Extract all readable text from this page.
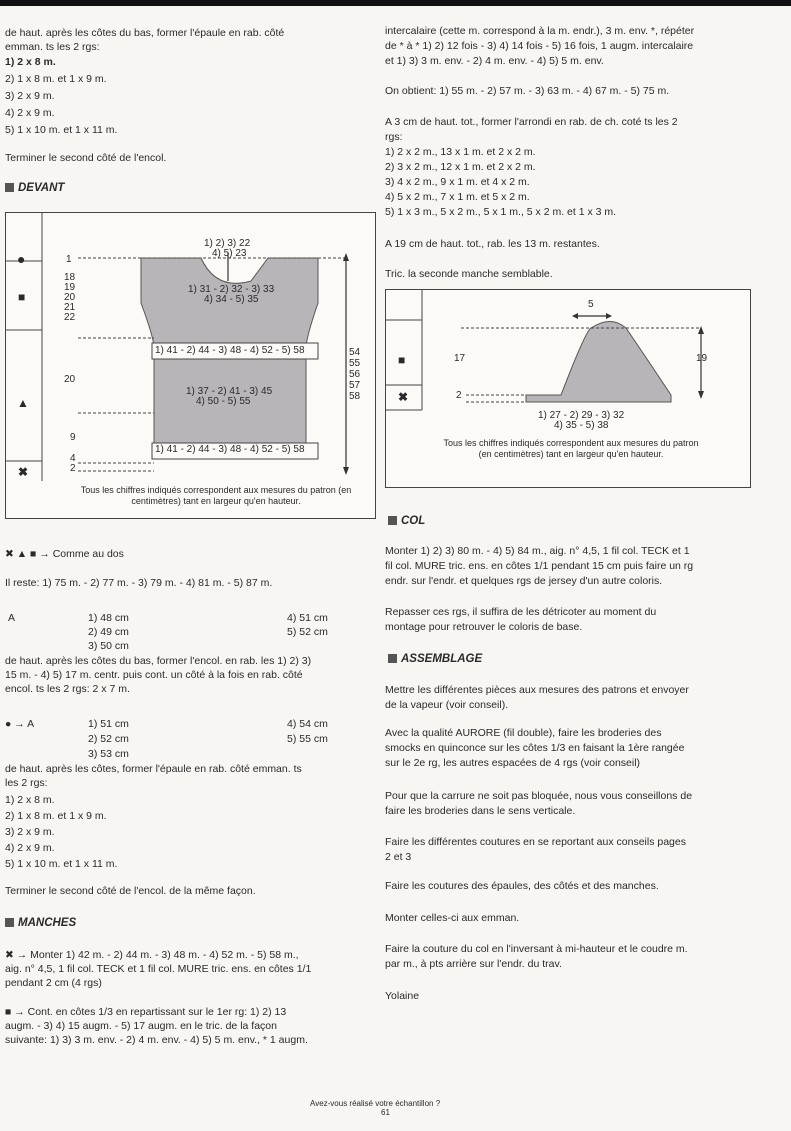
de haut. après les côtes du bas, former l'épaule en rab. côté
emman. ts les 2 rgs:
1) 2 x 8 m.
2) 1 x 8 m. et 1 x 9 m.
3) 2 x 9 m.
4) 2 x 9 m.
5) 1 x 10 m. et 1 x 11 m.
Terminer le second côté de l'encol.
DEVANT
1) 2) 3) 22
4) 5) 23
1) 31 - 2) 32 - 3) 33
4) 34 - 5) 35
1) 41 - 2) 44 - 3) 48 - 4) 52 - 5) 58
1) 37 - 2) 41 - 3) 45
4) 50 - 5) 55
1) 41 - 2) 44 - 3) 48 - 4) 52 - 5) 58
1
18
19
20
21
22
20
9
4
2
54
55
56
57
58
●
■
▲
✖
Tous les chiffres indiqués correspondent aux mesures du patron (en centimètres) tant en largeur qu'en hauteur.
✖ ▲ ■ → Comme au dos
Il reste: 1) 75 m. - 2) 77 m. - 3) 79 m. - 4) 81 m. - 5) 87 m.
A	1) 48 cm
2) 49 cm
3) 50 cm
4) 51 cm
5) 52 cm
de haut. après les côtes du bas, former l'encol. en rab. les 1) 2) 3)
15 m. - 4) 5) 17 m. centr. puis cont. un côté à la fois en rab. côté
encol. ts les 2 rgs: 2 x 7 m.
● → A	1) 51 cm
2) 52 cm
3) 53 cm
4) 54 cm
5) 55 cm
de haut. après les côtes, former l'épaule en rab. côté emman. ts
les 2 rgs:
1) 2 x 8 m.
2) 1 x 8 m. et 1 x 9 m.
3) 2 x 9 m.
4) 2 x 9 m.
5) 1 x 10 m. et 1 x 11 m.
Terminer le second côté de l'encol. de la même façon.
MANCHES
✖ → Monter 1) 42 m. - 2) 44 m. - 3) 48 m. - 4) 52 m. - 5) 58 m.,
aig. n° 4,5, 1 fil col. TECK et 1 fil col. MURE tric. ens. en côtes 1/1
pendant 2 cm (4 rgs)
■ → Cont. en côtes 1/3 en repartissant sur le 1er rg: 1) 2) 13
augm. - 3) 4) 15 augm. - 5) 17 augm. en le tric. de la façon
suivante: 1) 3) 3 m. env. - 2) 4 m. env. - 4) 5) 5 m. env., * 1 augm.
intercalaire (cette m. correspond à la m. endr.), 3 m. env. *, répéter
de * à * 1) 2) 12 fois - 3) 4) 14 fois - 5) 16 fois, 1 augm. intercalaire
et 1) 3) 3 m. env. - 2) 4 m. env. - 4) 5) 5 m. env.
On obtient: 1) 55 m. - 2) 57 m. - 3) 63 m. - 4) 67 m. - 5) 75 m.
A 3 cm de haut. tot., former l'arrondi en rab. de ch. coté ts les 2
rgs:
1) 2 x 2 m., 13 x 1 m. et 2 x 2 m.
2) 3 x 2 m., 12 x 1 m. et 2 x 2 m.
3) 4 x 2 m., 9 x 1 m. et 4 x 2 m.
4) 5 x 2 m., 7 x 1 m. et 5 x 2 m.
5) 1 x 3 m., 5 x 2 m., 5 x 1 m., 5 x 2 m. et 1 x 3 m.
A 19 cm de haut. tot., rab. les 13 m. restantes.
Tric. la seconde manche semblable.
5
17	19
2
■
✖
1) 27 - 2) 29 - 3) 32
4) 35 - 5) 38
Tous les chiffres indiqués correspondent aux mesures du patron (en centimètres) tant en largeur qu'en hauteur.
COL
Monter 1) 2) 3) 80 m. - 4) 5) 84 m., aig. n° 4,5, 1 fil col. TECK et 1
fil col. MURE tric. ens. en côtes 1/1 pendant 15 cm puis faire un rg
endr. sur l'endr. et quelques rgs de jersey d'un autre coloris.
Repasser ces rgs, il suffira de les détricoter au moment du
montage pour retrouver le coloris de base.
ASSEMBLAGE
Mettre les différentes pièces aux mesures des patrons et envoyer
de la vapeur (voir conseil).
Avec la qualité AURORE (fil double), faire les broderies des
smocks en quinconce sur les côtes 1/3 en faisant la 1ère rangée
sur le 2e rg, les autres espacées de 4 rgs (voir conseil)
Pour que la carrure ne soit pas bloquée, nous vous conseillons de
faire les broderies dans le sens verticale.
Faire les différentes coutures en se reportant aux conseils pages
2 et 3
Faire les coutures des épaules, des côtés et des manches.
Monter celles-ci aux emman.
Faire la couture du col en l'inversant à mi-hauteur et le coudre m.
par m., à pts arrière sur l'endr. du trav.
Yolaine
Avez-vous réalisé votre échantillon ?
61
